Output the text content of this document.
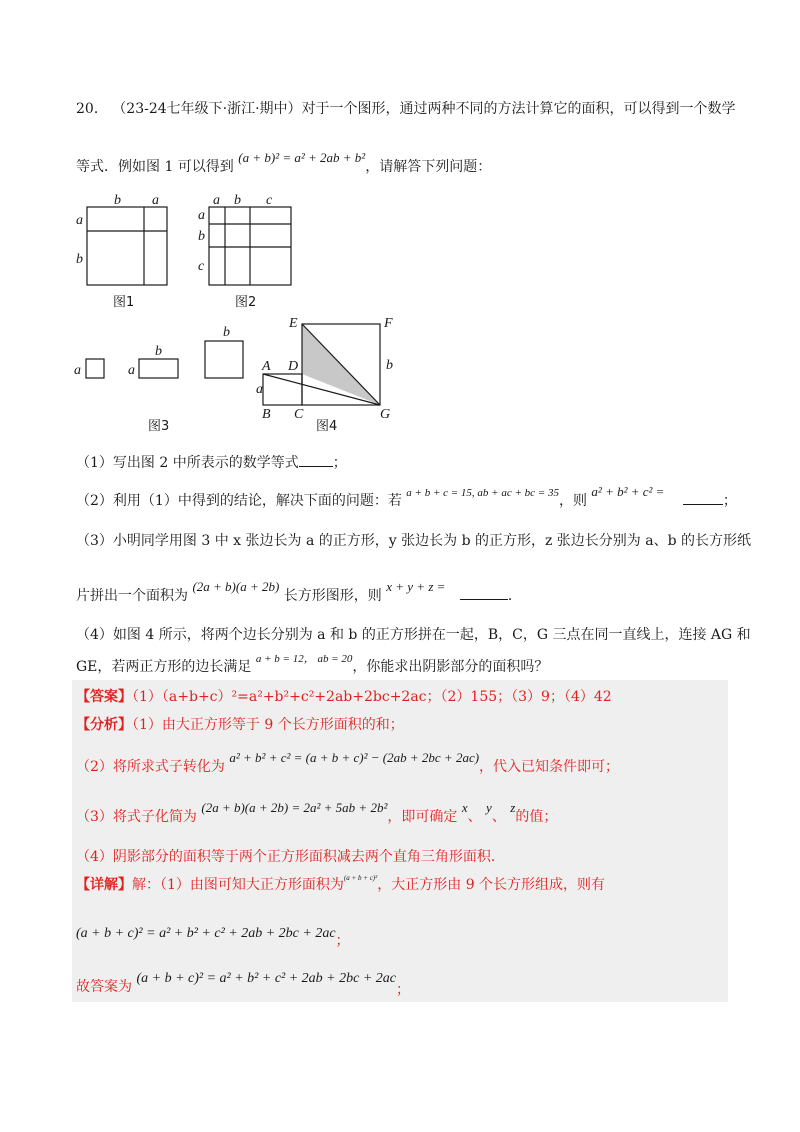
20． （23-24七年级下·浙江·期中）对于一个图形，通过两种不同的方法计算它的面积，可以得到一个数学
等式．例如图 1 可以得到 (a + b)² = a² + 2ab + b²，请解答下列问题：
b a
a
b
图1
a b c
a
b
c
图2
a	a
b
b
图3
E	F
A D
B C	G
a
b
图4
（1）写出图 2 中所表示的数学等式 ；
（2）利用（1）中得到的结论，解决下面的问题：若 $^{a + b + c = 15, ab + ac + bc = 35}$，则 a² + b² + c² = ；
（3）小明同学用图 3 中 x 张边长为 a 的正方形，y 张边长为 b 的正方形，z 张边长分别为 a、b 的长方形纸
片拼出一个面积为 (2a + b)(a + 2b) 长方形图形，则 x + y + z = ．
（4）如图 4 所示，将两个边长分别为 a 和 b 的正方形拼在一起，B，C，G 三点在同一直线上，连接 AG 和
GE，若两正方形的边长满足 $^{a + b = 12, ab = 20}$，你能求出阴影部分的面积吗？
【答案】（1）（a+b+c）²=a²+b²+c²+2ab+2bc+2ac；（2）155；（3）9；（4）42
【分析】（1）由大正方形等于 9 个长方形面积的和；
（2）将所求式子转化为 a² + b² + c² = (a + b + c)² − (2ab + 2bc + 2ac)，代入已知条件即可；
（3）将式子化简为 (2a + b)(a + 2b) = 2a² + 5ab + 2b²，即可确定 x、 y、 z的值；
（4）阴影部分的面积等于两个正方形面积减去两个直角三角形面积．
【详解】解：（1）由图可知大正方形面积为$^{(a + b + c)^2}$，大正方形由 9 个长方形组成，则有
(a + b + c)² = a² + b² + c² + 2ab + 2bc + 2ac；
故答案为 (a + b + c)² = a² + b² + c² + 2ab + 2bc + 2ac；
